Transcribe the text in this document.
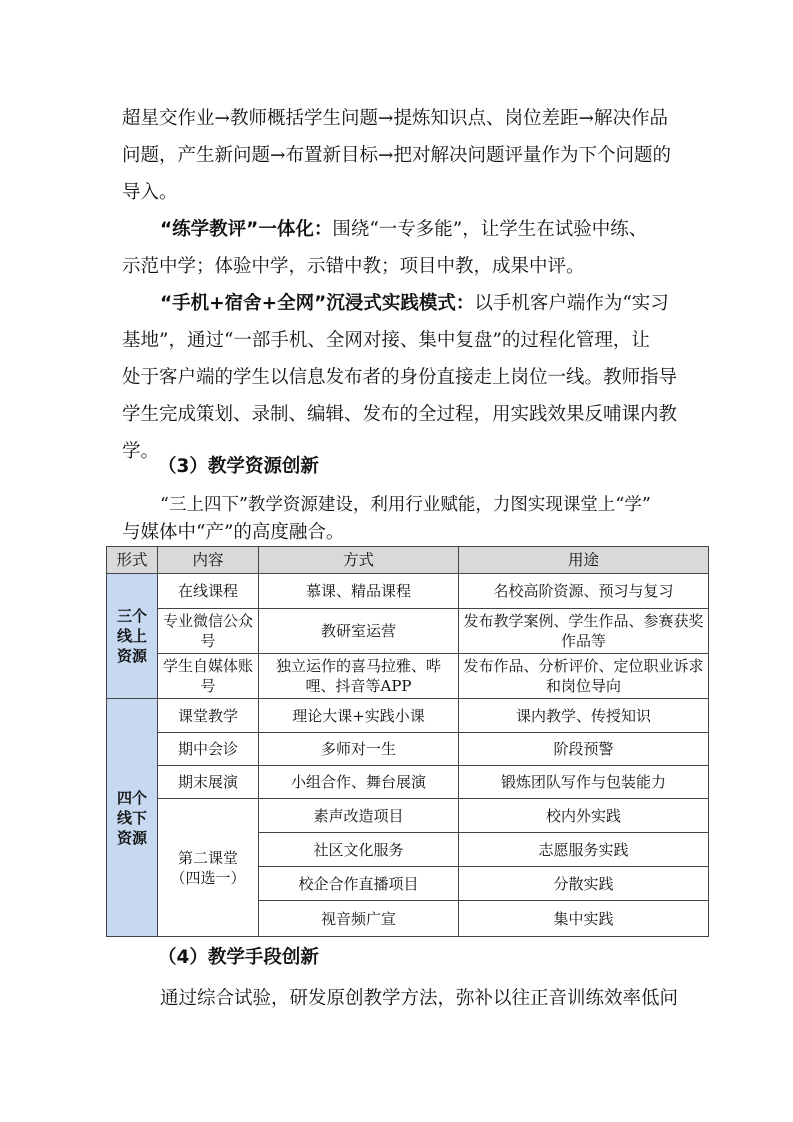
超星交作业→教师概括学生问题→提炼知识点、岗位差距→解决作品
问题，产生新问题→布置新目标→把对解决问题评量作为下个问题的
导入。
“练学教评”一体化：围绕“一专多能”，让学生在试验中练、
示范中学；体验中学，示错中教；项目中教，成果中评。
“手机+宿舍+全网”沉浸式实践模式：以手机客户端作为“实习
基地”，通过“一部手机、全网对接、集中复盘”的过程化管理，让
处于客户端的学生以信息发布者的身份直接走上岗位一线。教师指导
学生完成策划、录制、编辑、发布的全过程，用实践效果反哺课内教
学。
（3）教学资源创新
“三上四下”教学资源建设，利用行业赋能，力图实现课堂上“学”
形式	内容	方式	用途

三个
线上
资源	在线课程	慕课、精品课程	名校高阶资源、预习与复习
	专业微信公众号	教研室运营	发布教学案例、学生作品、参赛获奖作品等
	学生自媒体账号	独立运作的喜马拉雅、哔哩、抖音等APP	发布作品、分析评价、定位职业诉求和岗位导向

四个
线下
资源	课堂教学	理论大课+实践小课	课内教学、传授知识
	期中会诊	多师对一生	阶段预警
	期末展演	小组合作、舞台展演	锻炼团队写作与包装能力

	第二课堂
（四选一）	素声改造项目	校内外实践
		社区文化服务	志愿服务实践
		校企合作直播项目	分散实践
		视音频广宣	集中实践
（4）教学手段创新
通过综合试验，研发原创教学方法，弥补以往正音训练效率低问
与媒体中“产”的高度融合。
